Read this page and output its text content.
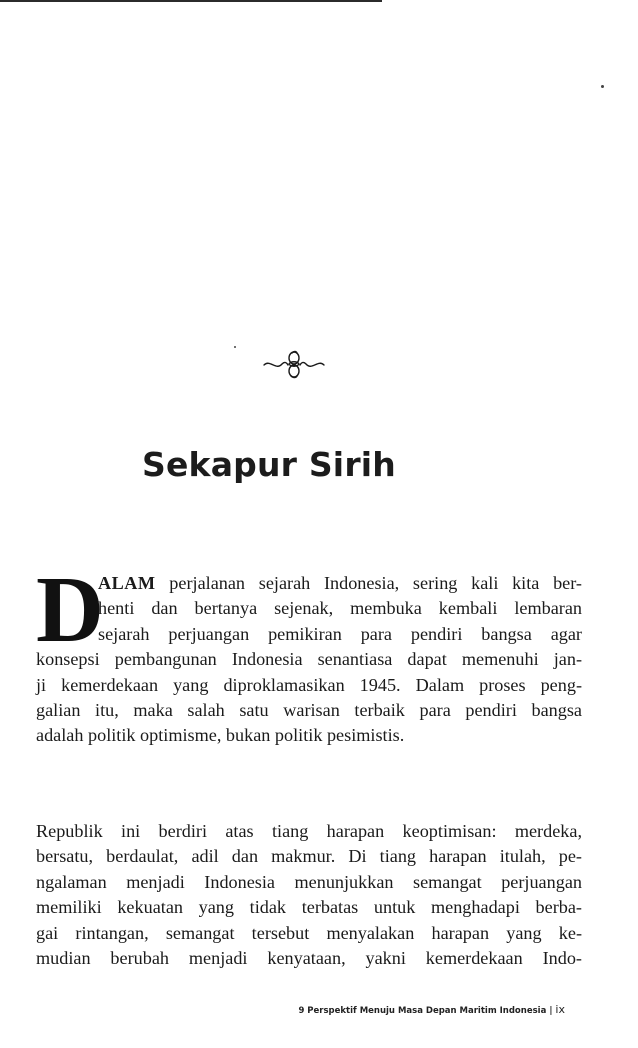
Sekapur Sirih
D
ALAM perjalanan sejarah Indonesia, sering kali kita ber-
henti dan bertanya sejenak, membuka kembali lembaran
sejarah perjuangan pemikiran para pendiri bangsa agar
konsepsi pembangunan Indonesia senantiasa dapat memenuhi jan-
ji kemerdekaan yang diproklamasikan 1945. Dalam proses peng-
galian itu, maka salah satu warisan terbaik para pendiri bangsa
adalah politik optimisme, bukan politik pesimistis.
Republik ini berdiri atas tiang harapan keoptimisan: merdeka,
bersatu, berdaulat, adil dan makmur. Di tiang harapan itulah, pe-
ngalaman menjadi Indonesia menunjukkan semangat perjuangan
memiliki kekuatan yang tidak terbatas untuk menghadapi berba-
gai rintangan, semangat tersebut menyalakan harapan yang ke-
mudian berubah menjadi kenyataan, yakni kemerdekaan Indo-
9 Perspektif Menuju Masa Depan Maritim Indonesia | ix
